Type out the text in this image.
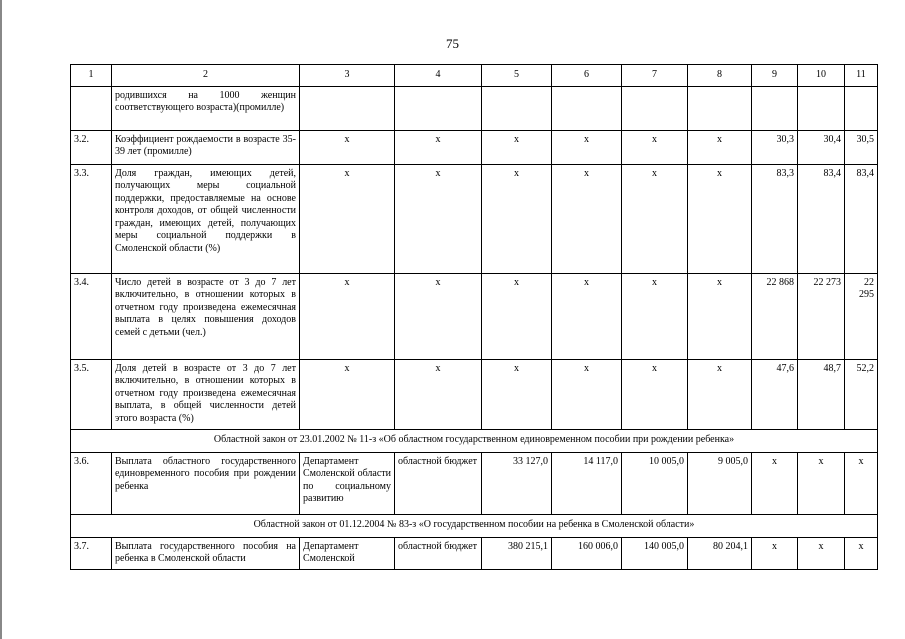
75
1	2	3	4	5	6	7	8	9	10	11
	родившихся на 1000 женщин соответствующего возраста)(промилле)									
3.2.	Коэффициент рождаемости в возрасте 35-39 лет (промилле)	x	x	x	x	x	x	30,3	30,4	30,5
3.3.	Доля граждан, имеющих детей, получающих меры социальной поддержки, предоставляемые на основе контроля доходов, от общей численности граждан, имеющих детей, получающих меры социальной поддержки в Смоленской области (%)	x	x	x	x	x	x	83,3	83,4	83,4
3.4.	Число детей в возрасте от 3 до 7 лет включительно, в отношении которых в отчетном году произведена ежемесячная выплата в целях повышения доходов семей с детьми (чел.)	x	x	x	x	x	x	22 868	22 273	22 295
3.5.	Доля детей в возрасте от 3 до 7 лет включительно, в отношении которых в отчетном году произведена ежемесячная выплата, в общей численности детей этого возраста (%)	x	x	x	x	x	x	47,6	48,7	52,2
Областной закон от 23.01.2002 № 11-з «Об областном государственном единовременном пособии при рождении ребенка»										
3.6.	Выплата областного государственного единовременного пособия при рождении ребенка	Департамент Смоленской области по социальному развитию	областной бюджет	33 127,0	14 117,0	10 005,0	9 005,0	x	x	x
Областной закон от 01.12.2004 № 83-з «О государственном пособии на ребенка в Смоленской области»										
3.7.	Выплата государственного пособия на ребенка в Смоленской области	Департамент Смоленской	областной бюджет	380 215,1	160 006,0	140 005,0	80 204,1	x	x	x
